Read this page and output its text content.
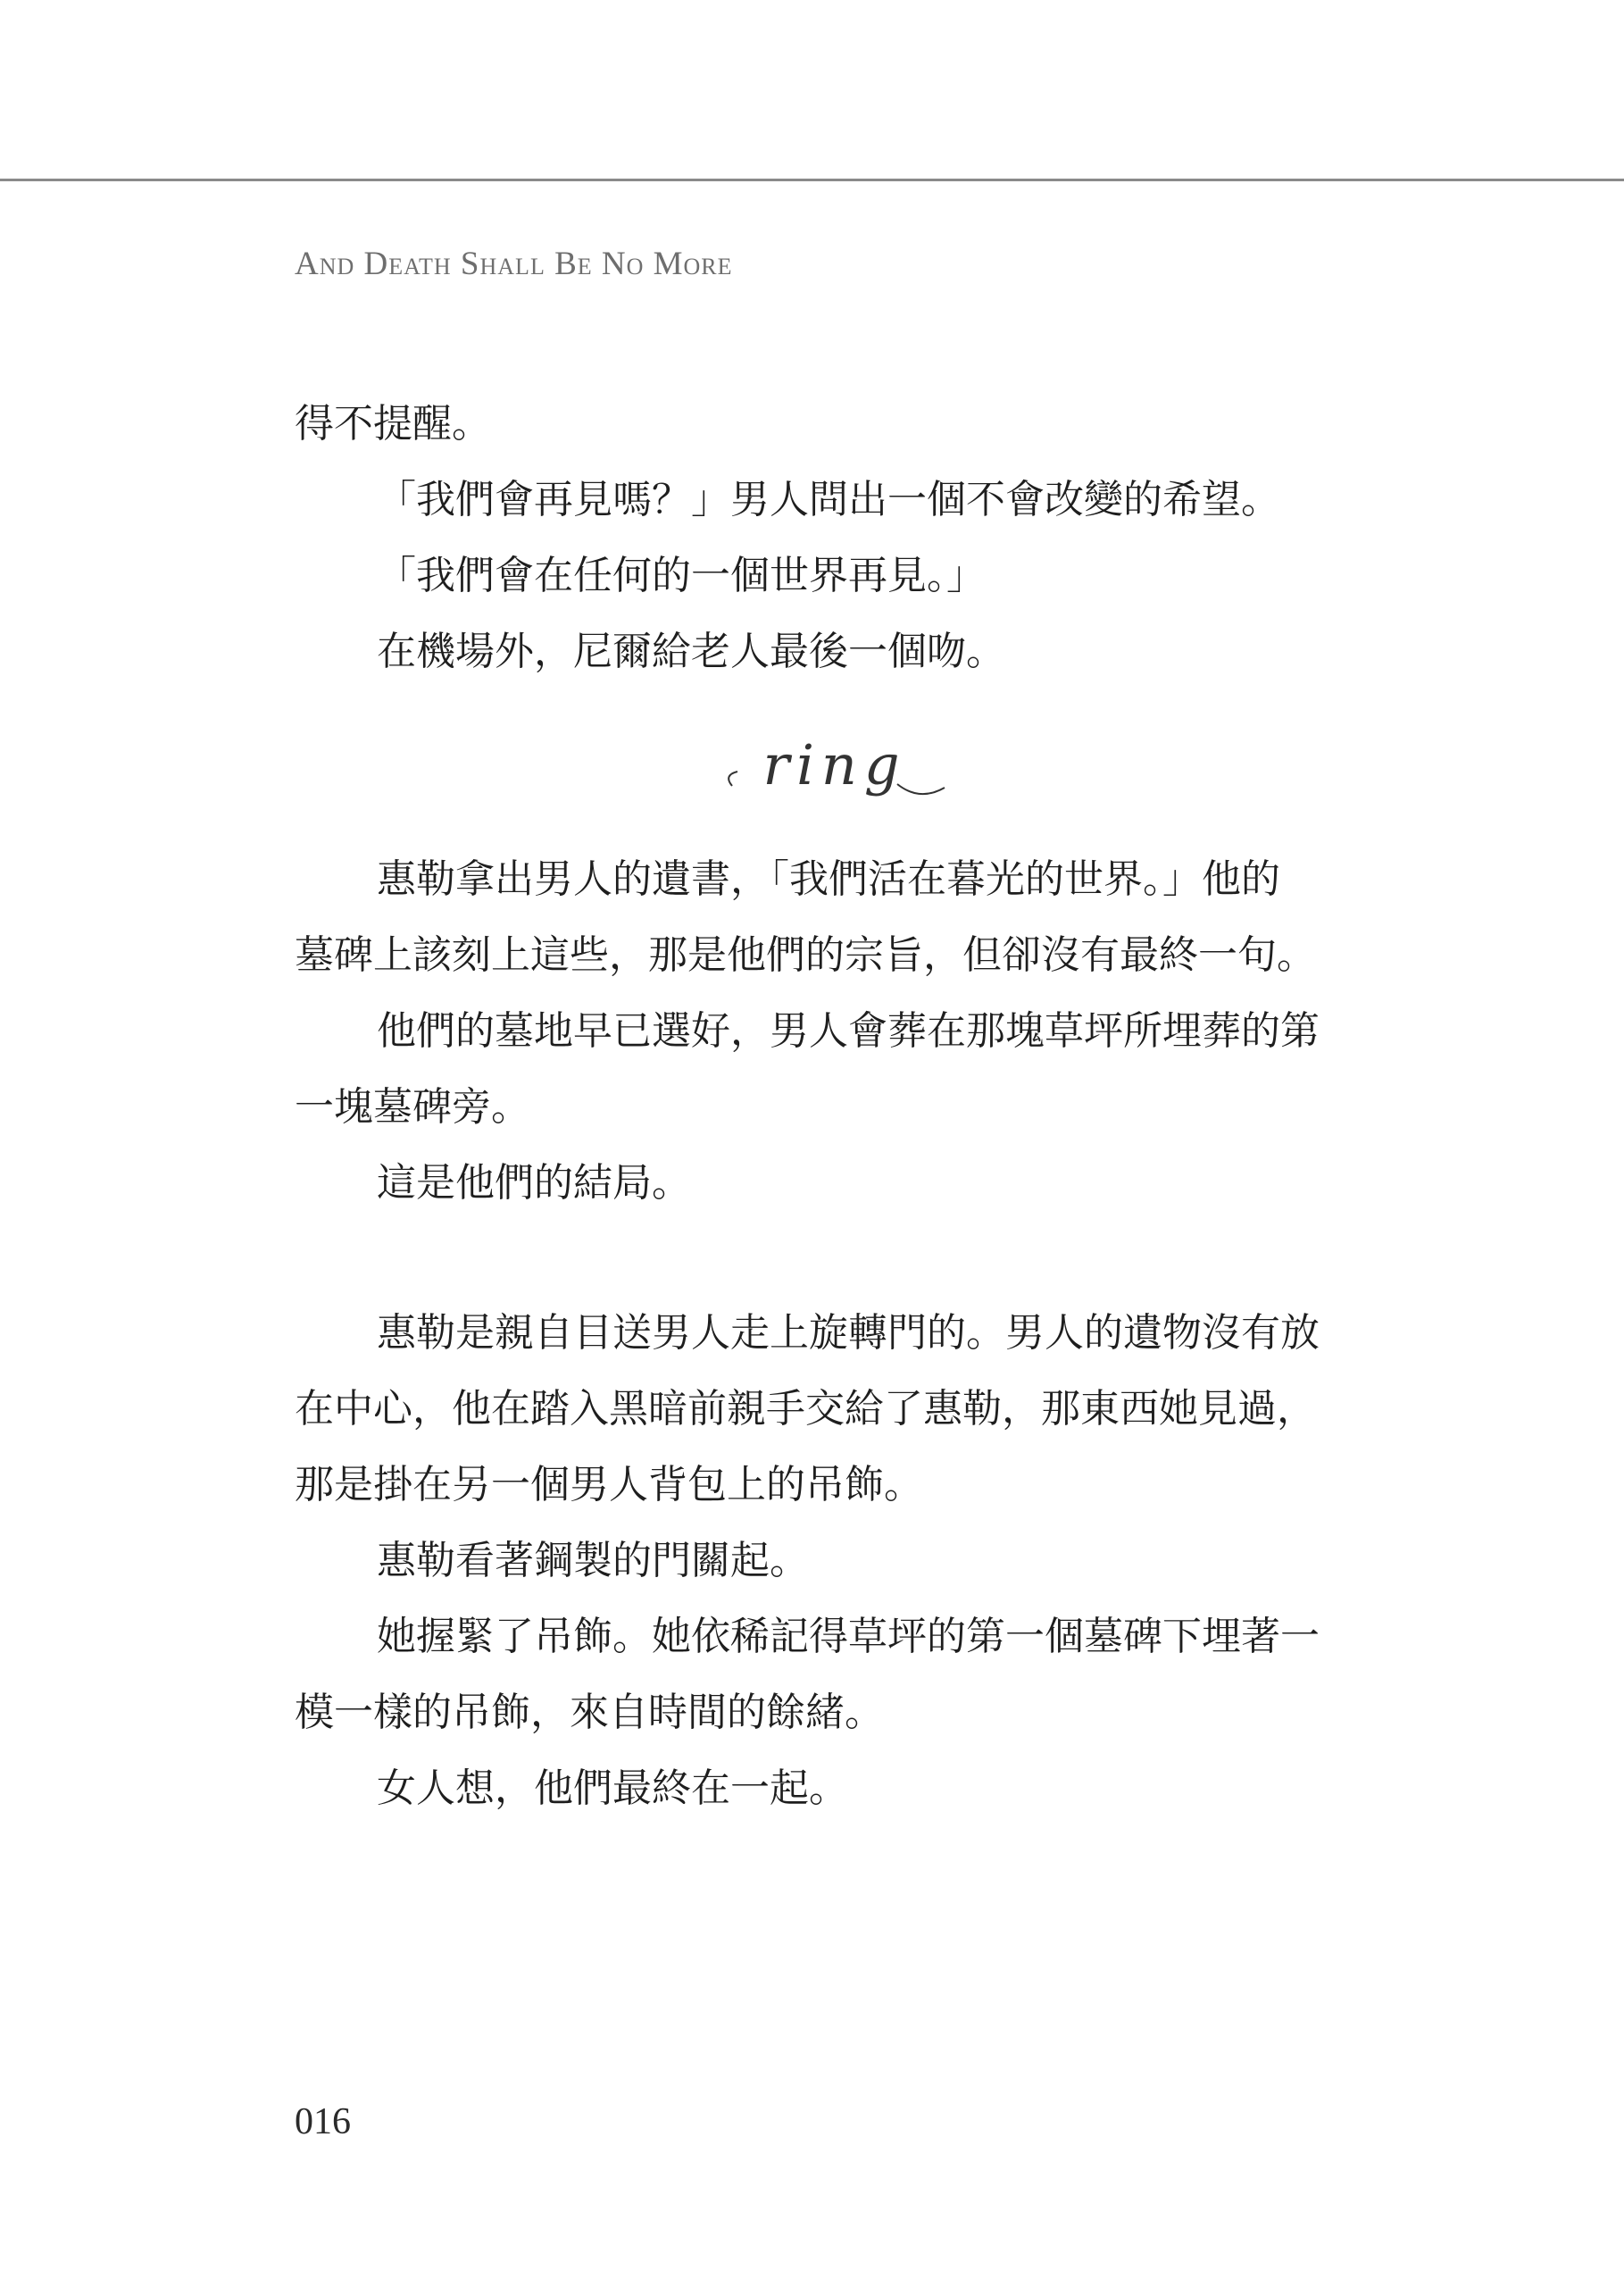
And Death Shall Be No More

得不提醒。

「我們會再見嗎？」男人問出一個不會改變的希望。

「我們會在任何的一個世界再見。」

在機場外，尼爾給老人最後一個吻。

ring

惠勒拿出男人的遺書，「我們活在暮光的世界。」他的

墓碑上該刻上這些，那是他們的宗旨，但卻沒有最終一句。

他們的墓地早已選好，男人會葬在那塊草坪所埋葬的第

一塊墓碑旁。

這是他們的結局。

惠勒是親自目送男人走上旋轉門的。男人的遺物沒有放

在中心，他在踏入黑暗前親手交給了惠勒，那東西她見過，

那是掛在另一個男人背包上的吊飾。

惠勒看著鋼製的門關起。

她握緊了吊飾。她依稀記得草坪的第一個墓碑下埋著一

模一樣的吊飾，來自時間的餘緒。

女人想，他們最終在一起。

016
